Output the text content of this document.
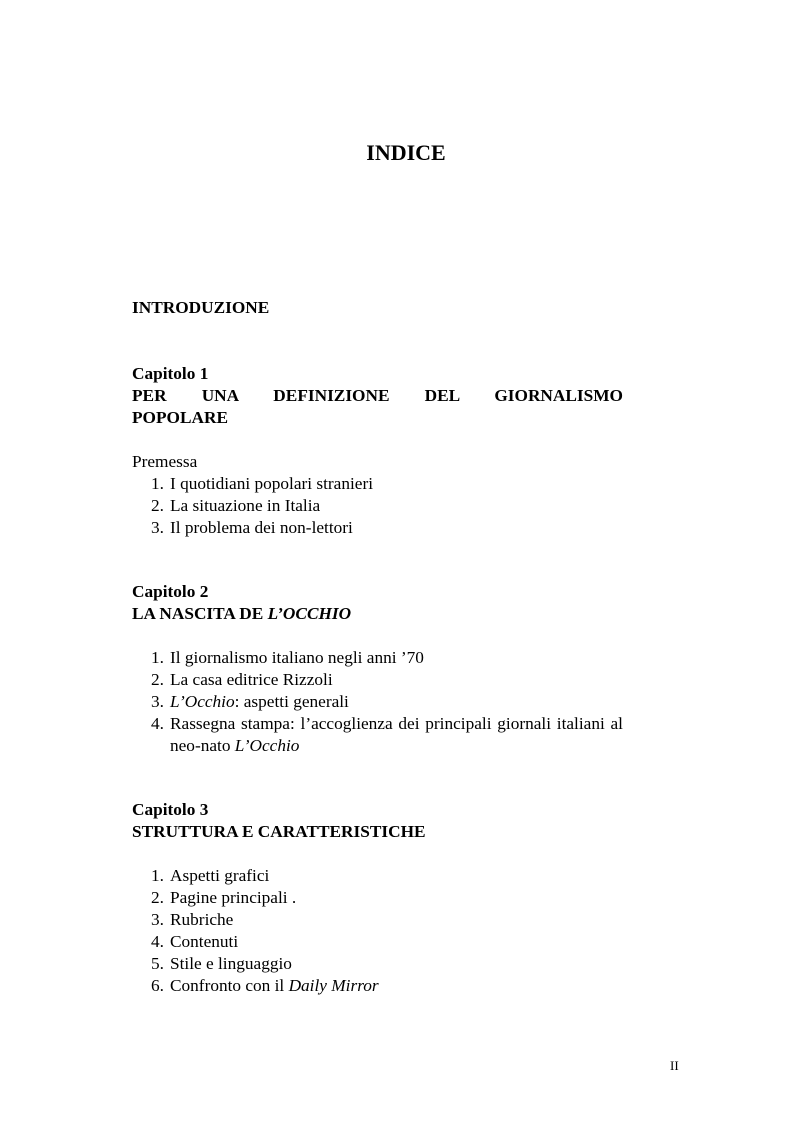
INDICE
INTRODUZIONE
Capitolo 1
PER UNA DEFINIZIONE DEL GIORNALISMO
POPOLARE
Premessa
1. I quotidiani popolari stranieri
2. La situazione in Italia
3. Il problema dei non-lettori
Capitolo 2
LA NASCITA DE L’OCCHIO
1. Il giornalismo italiano negli anni ’70
2. La casa editrice Rizzoli
3. L’Occhio: aspetti generali
4. Rassegna stampa: l’accoglienza dei principali giornali italiani al neo-nato L’Occhio
Capitolo 3
STRUTTURA E CARATTERISTICHE
1. Aspetti grafici
2. Pagine principali .
3. Rubriche
4. Contenuti
5. Stile e linguaggio
6. Confronto con il Daily Mirror
II
